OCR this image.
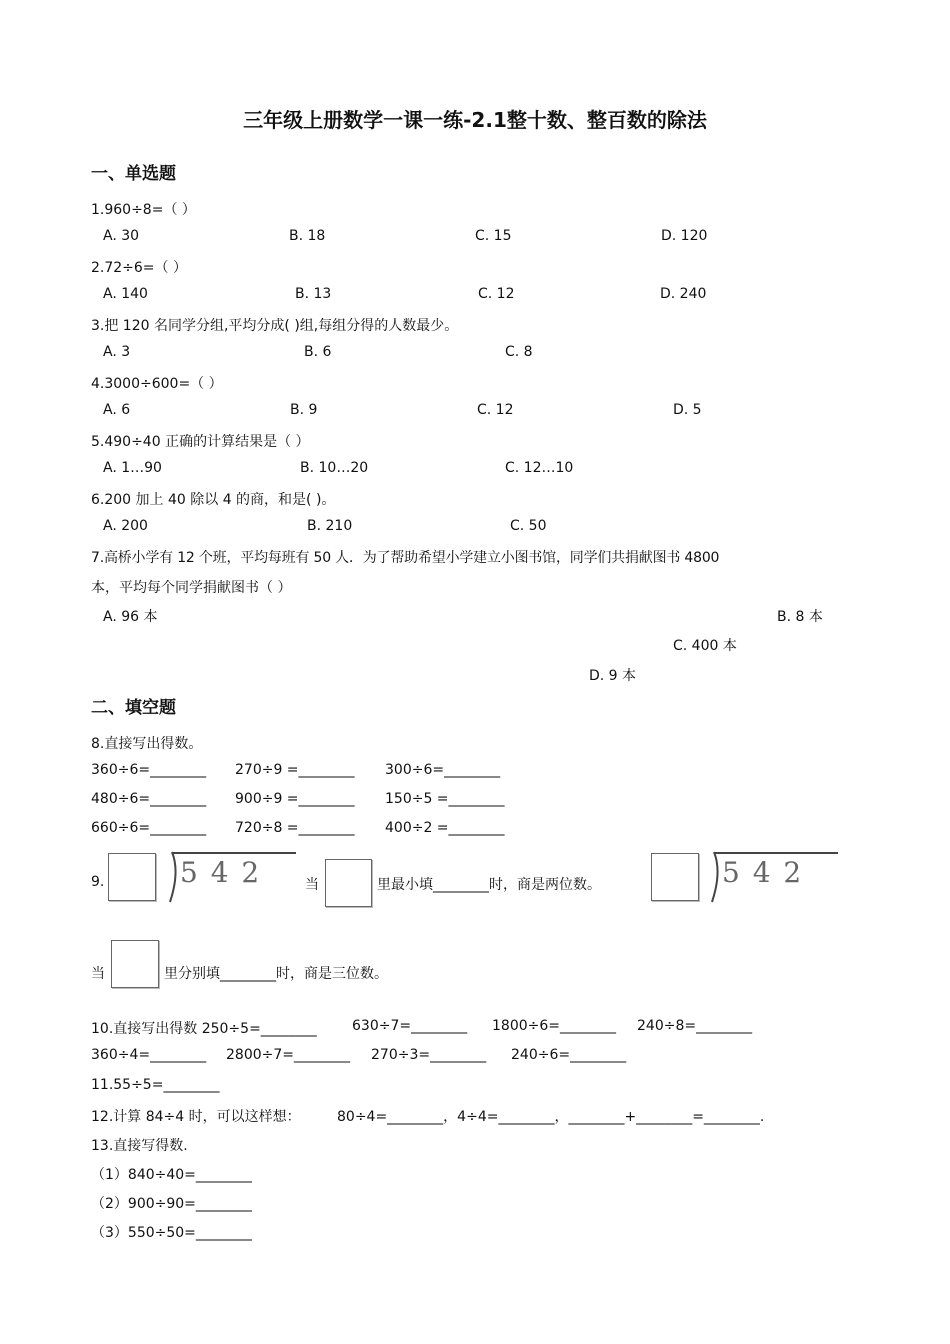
三年级上册数学一课一练-2.1整十数、整百数的除法
一、单选题
1.960÷8=（ ）
A. 30	B. 18	C. 15	D. 120
2.72÷6=（ ）
A. 140	B. 13	C. 12	D. 240
3.把 120 名同学分组,平均分成( )组,每组分得的人数最少。
A. 3	B. 6	C. 8
4.3000÷600=（ ）
A. 6	B. 9	C. 12	D. 5
5.490÷40 正确的计算结果是（ ）
A. 1…90	B. 10…20	C. 12…10
6.200 加上 40 除以 4 的商，和是( )。
A. 200	B. 210	C. 50
7.高桥小学有 12 个班，平均每班有 50 人．为了帮助希望小学建立小图书馆，同学们共捐献图书 4800
本，平均每个同学捐献图书（ ）
A. 96 本	B. 8 本
C. 400 本
D. 9 本
二、填空题
8.直接写出得数。
360÷6=________ 270÷9 =________ 300÷6=________
480÷6=________ 900÷9 =________ 150÷5 =________
660÷6=________ 720÷8 =________ 400÷2 =________
9.	5 4 2	当	里最小填________时，商是两位数。	5 4 2
当	里分别填________时，商是三位数。
10.直接写出得数 250÷5=________	630÷7=________ 1800÷6=________ 240÷8=________
360÷4=________ 2800÷7=________ 270÷3=________ 240÷6=________
11.55÷5=________
12.计算 84÷4 时，可以这样想：	80÷4=________，4÷4=________，________+________=________.
13.直接写得数.
（1）840÷40=________
（2）900÷90=________
（3）550÷50=________
